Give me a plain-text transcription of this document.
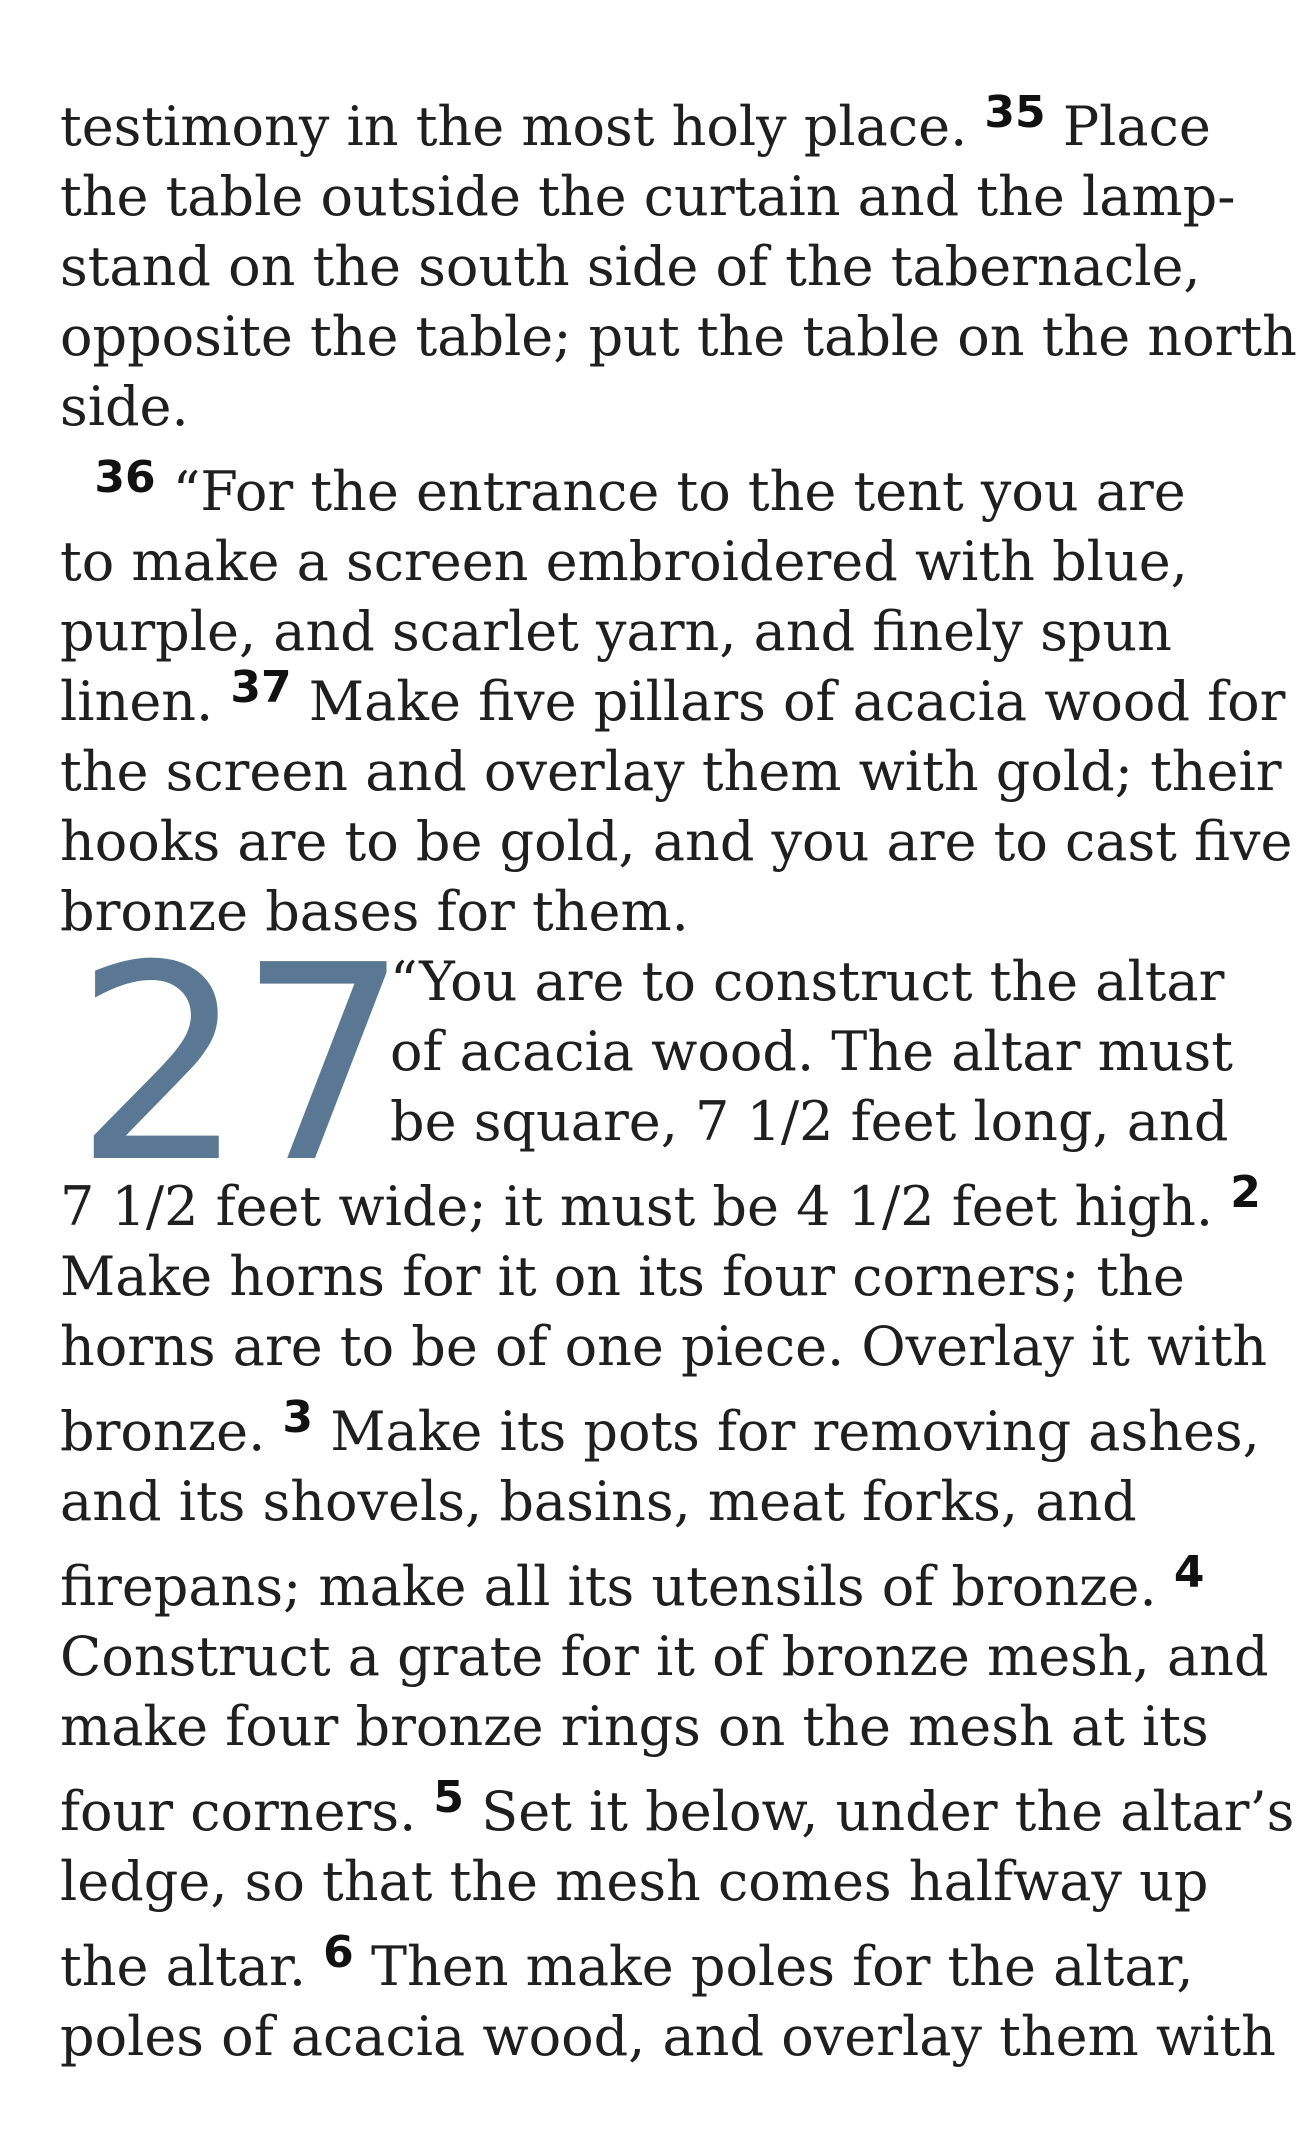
27
testimony in the most holy place. $^{35}$ Place
the table outside the curtain and the lamp-
stand on the south side of the tabernacle,
opposite the table; put the table on the north
side.
$^{36}$ “For the entrance to the tent you are
to make a screen embroidered with blue,
purple, and scarlet yarn, and finely spun
linen. $^{37}$ Make five pillars of acacia wood for
the screen and overlay them with gold; their
hooks are to be gold, and you are to cast five
bronze bases for them.
“You are to construct the altar
of acacia wood. The altar must
be square, 7 1/2 feet long, and
7 1/2 feet wide; it must be 4 1/2 feet high. $^2$
Make horns for it on its four corners; the
horns are to be of one piece. Overlay it with
bronze. $^3$ Make its pots for removing ashes,
and its shovels, basins, meat forks, and
firepans; make all its utensils of bronze. $^4$
Construct a grate for it of bronze mesh, and
make four bronze rings on the mesh at its
four corners. $^5$ Set it below, under the altar’s
ledge, so that the mesh comes halfway up
the altar. $^6$ Then make poles for the altar,
poles of acacia wood, and overlay them with
